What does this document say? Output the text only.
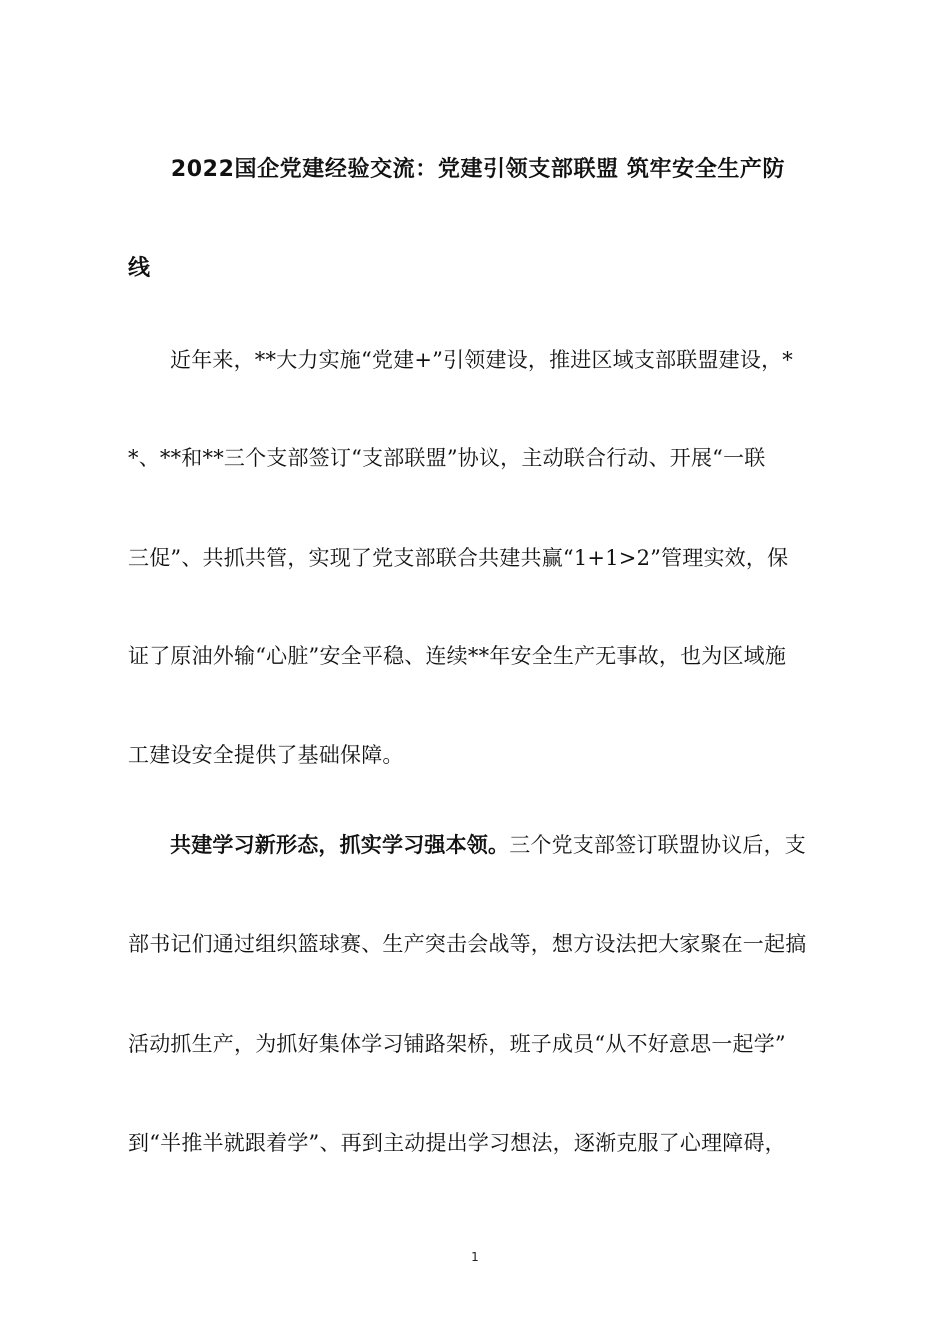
2022国企党建经验交流：党建引领支部联盟 筑牢安全生产防
线
近年来，**大力实施“党建+”引领建设，推进区域支部联盟建设，*
*、**和**三个支部签订“支部联盟”协议，主动联合行动、开展“一联
三促”、共抓共管，实现了党支部联合共建共赢“1+1>2”管理实效，保
证了原油外输“心脏”安全平稳、连续**年安全生产无事故，也为区域施
工建设安全提供了基础保障。
共建学习新形态，抓实学习强本领。三个党支部签订联盟协议后，支
部书记们通过组织篮球赛、生产突击会战等，想方设法把大家聚在一起搞
活动抓生产，为抓好集体学习铺路架桥，班子成员“从不好意思一起学”
到“半推半就跟着学”、再到主动提出学习想法，逐渐克服了心理障碍，
1
